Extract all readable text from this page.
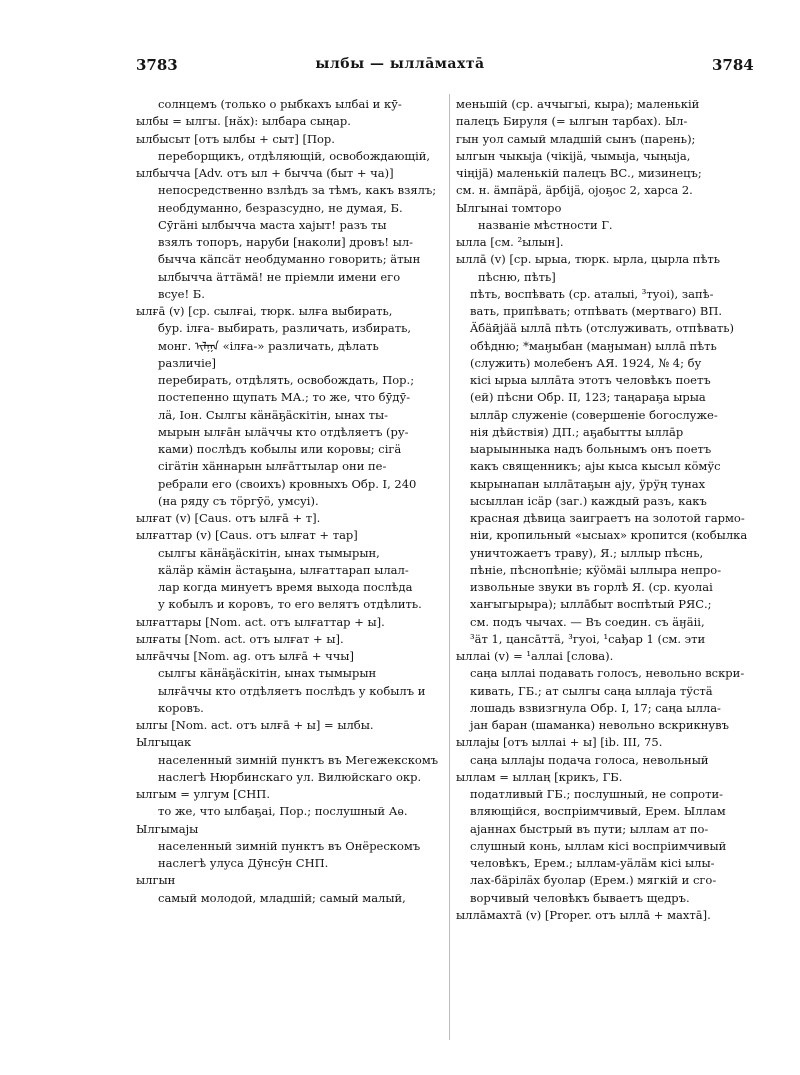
3783	ылбы — ылла̄махта̄	3784
солнцемъ (только о рыбкахъ ылбаі и кӯ-
ылбы = ылгы. [нăх): ылбара сыңар.
ылбысыт [отъ ылбы + сыт] [Пор.
переборщикъ, отдѣляющій, освобождающій,
ылбычча [Adv. отъ ыл + бычча (быт + ча)]
непосредственно взлѣдъ за тѣмъ, какъ взялъ;
необдуманно, безразсудно, не думая, Б.
Сӯгӓні ылбычча маста хајыт! разъ ты
взялъ топоръ, наруби [наколи] дровъ! ыл-
бычча кäпсäт необдуманно говорить; äтын
ылбычча äттäмä! не пріемли имени его
всуе! Б.
ылға̄ (v) [ср. сылғаі, тюрк. ылға выбирать,
бур. ілға- выбирать, различать, избирать,
монг. ᠢᠯᠭᠠ «ілға-» различать, дѣлать
различіе]
перебирать, отдѣлять, освобождать, Пор.;
постепенно щупать МА.; то же, что бӯдӯ-
лӓ, Іон. Сылгы кӓнӓҕӓскітін, ынах ты-
мырын ылға̄н ылäччы кто отдѣляетъ (ру-
ками) послѣдъ кобылы или коровы; сігӓ
сігӓтін хäннарын ылға̄ттылар они пе-
ребрали его (своихъ) кровныхъ Обр. I, 240
(на ряду съ тӧргӯӧ, умсуі).
ылғат (v) [Caus. отъ ылға̄ + т].
ылғаттар (v) [Caus. отъ ылғат + тар]
сылгы кӓнӓҕӓскітін, ынах тымырын,
кäлӓр кӓмін ӓстаҕына, ылғаттарап ылал-
лар когда минуетъ время выхода послѣда
у кобылъ и коровъ, то его велятъ отдѣлить.
ылғаттары [Nom. act. отъ ылғаттар + ы].
ылғаты [Nom. act. отъ ылғат + ы].
ылға̄ччы [Nom. ag. отъ ылға̄ + ччы]
сылгы кӓнӓҕӓскітін, ынах тымырын
ылға̄ччы кто отдѣляетъ послѣдъ у кобылъ и
коровъ.
ылгы [Nom. act. отъ ылға̄ + ы] = ылбы.
Ылгыцак
населенный зимній пунктъ въ Мегежекскомъ
наслегѣ Нюрбинскаго ул. Вилюйскаго окр.
ылгым = улгум [СНП.
то же, что ылбаҕаі, Пор.; послушный Аѳ.
Ылгымајы
населенный зимній пунктъ въ Онёрескомъ
наслегѣ улуса Дӯнсӯн СНП.
ылгын
самый молодой, младшій; самый малый,
меньшій (ср. аччыгыі, кыра); маленькій
палецъ Бируля (= ылгын тарбах). Ыл-
гын уол самый младшій сынъ (парень);
ылгын чыкыја (чікіјӓ, чымыја, чыңыја,
чіңіјӓ) маленькій палецъ ВС., мизинецъ;
см. н. äмпäрӓ, äрбіјӓ, ојоҕос 2, харса 2.
Ылгынаі томторо
названіе мѣстности Г.
ылла [см. ²ылын].
ылла̄ (v) [ср. ырыа, тюрк. ырла, цырла пѣть
пѣсню, пѣть]
пѣть, воспѣвать (ср. аталыі, ³туоі), запѣ-
вать, припѣвать; отпѣвать (мертваго) ВП.
Äбäӣјäӓ ылла̄ пѣть (отслуживать, отпѣвать)
обѣдню; *маӈыбан (маӈыман) ылла̄ пѣть
(служить) молебенъ АЯ. 1924, № 4; бу
кісі ырыа ылла̄та этотъ человѣкъ поетъ
(ей) пѣсни Обр. II, 123; таңараҕа ырыа
ылла̄р служеніе (совершеніе богослуже-
нія дѣйствія) ДП.; аҕабытты ылла̄р
ыарыынныка надъ больнымъ онъ поетъ
какъ священникъ; ајы кыса кысыл кӧмӱс
кырынапан ылла̄таҕын ају, ӱрӱң тунах
ысыллан ісӓр (заг.) каждый разъ, какъ
красная дѣвица заиграетъ на золотой гармо-
ніи, кропильный «ысыах» кропится (кобылка
уничтожаетъ траву), Я.; ыллыр пѣснь,
пѣніе, пѣснопѣніе; кӱӧмäі ыллыра непро-
извольные звуки въ горлѣ Я. (ср. куолаі
хаҥыгырыра); ылла̄быт воспѣтый РЯС.;
см. подъ чычах. — Въ соедин. съ ӓӈӓіі,
³äт 1, цанса̄ттӓ, ³гуоі, ¹сађар 1 (см. эти
ыллаі (v) = ¹аллаі [слова).
саңа ыллаі подавать голосъ, невольно вскри-
кивать, ГБ.; ат сылгы саңа ыллаја тӱстӓ
лошадь взвизгнула Обр. I, 17; саңа ылла-
јан баран (шаманка) невольно вскрикнувъ
ыллајы [отъ ыллаі + ы] [ib. III, 75.
саңа ыллајы подача голоса, невольный
ыллам = ыллаң [крикъ, ГБ.
податливый ГБ.; послушный, не сопроти-
вляющійся, воспріимчивый, Ерем. Ыллам
ајаннах быстрый въ пути; ыллам ат по-
слушный конь, ыллам кісі воспріимчивый
человѣкъ, Ерем.; ыллам-уӓлӓм кісі ылы-
лах-бäрілӓх буолар (Ерем.) мягкій и сго-
ворчивый человѣкъ бываетъ щедръ.
ылла̄махта̄ (v) [Proper. отъ ылла̄ + махта̄].
